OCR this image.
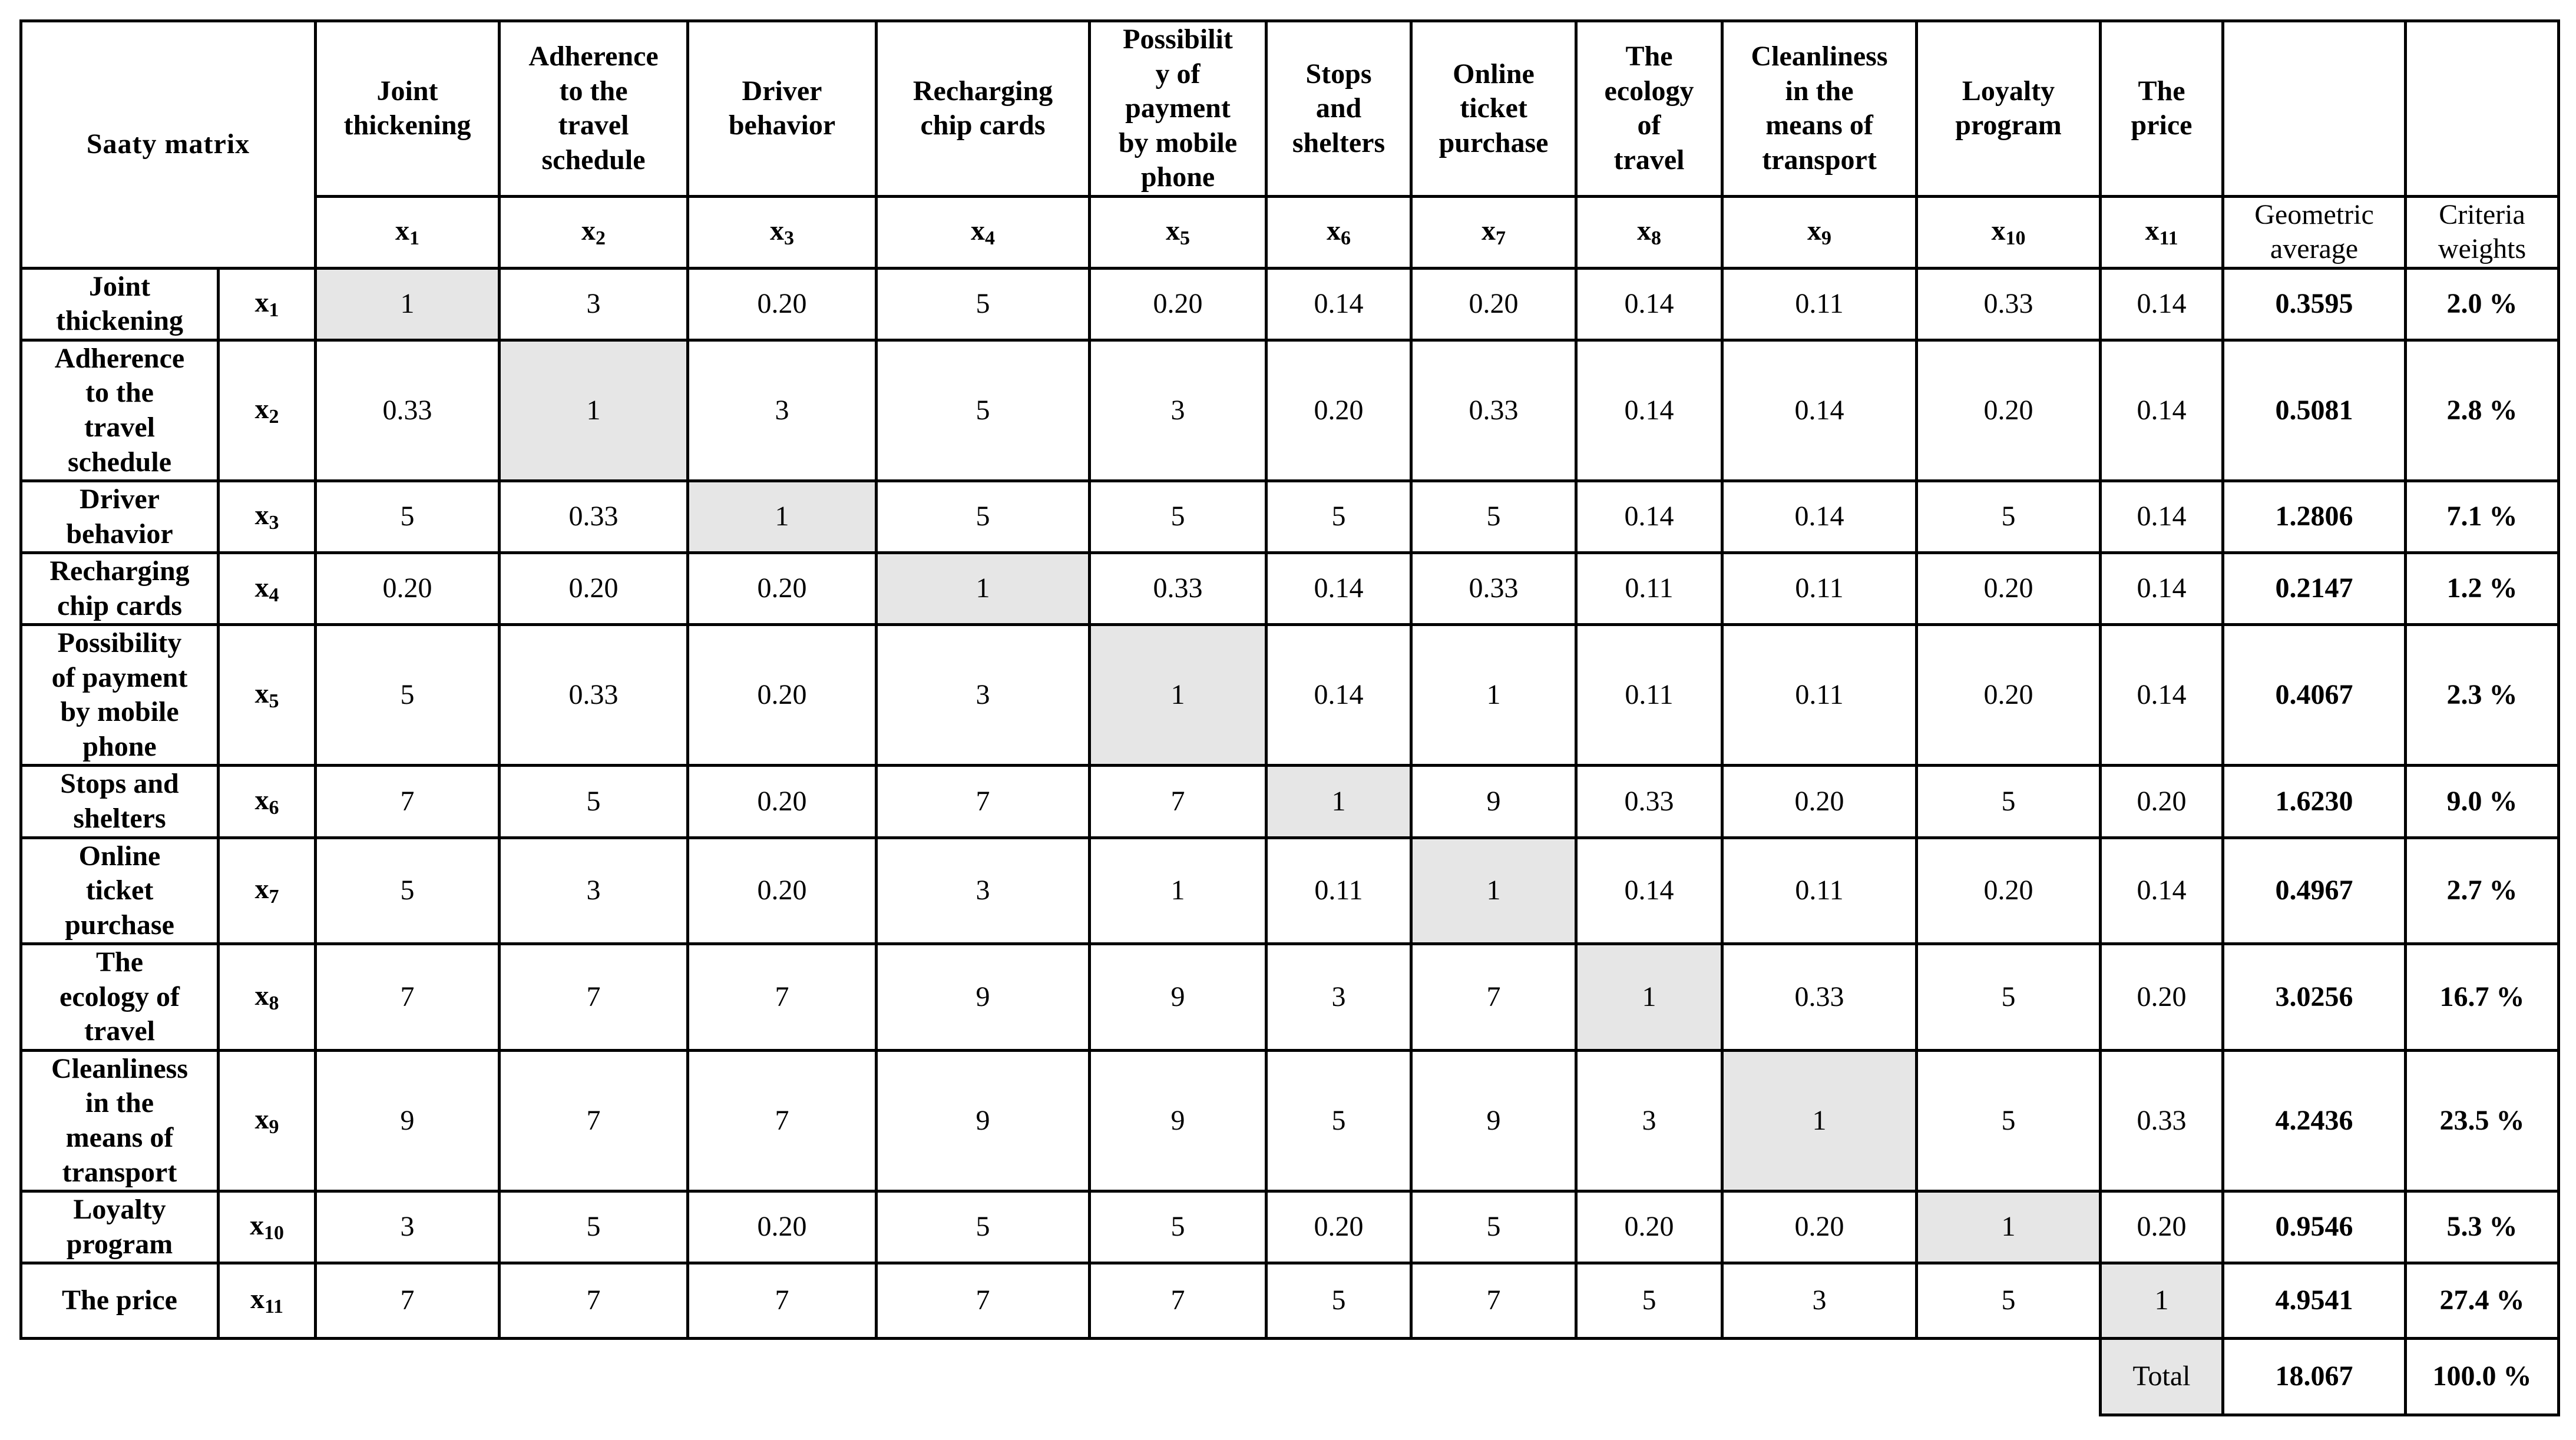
Saaty matrix		Joint
thickening	Adherence
to the
travel
schedule	Driver
behavior	Recharging
chip cards	Possibilit
y of
payment
by mobile
phone	Stops
and
shelters	Online
ticket
purchase	The
ecology
of
travel	Cleanliness
in the
means of
transport	Loyalty
program	The
price		
		$x_1$	$x_2$	$x_3$	$x_4$	$x_5$	$x_6$	$x_7$	$x_8$	$x_9$	$x_{10}$	$x_{11}$	Geometric average	Criteria weights
Joint
thickening	$x_1$	1	3	0.20	5	0.20	0.14	0.20	0.14	0.11	0.33	0.14	0.3595	2.0 %
Adherence
to the
travel
schedule	$x_2$	0.33	1	3	5	3	0.20	0.33	0.14	0.14	0.20	0.14	0.5081	2.8 %
Driver
behavior	$x_3$	5	0.33	1	5	5	5	5	0.14	0.14	5	0.14	1.2806	7.1 %
Recharging
chip cards	$x_4$	0.20	0.20	0.20	1	0.33	0.14	0.33	0.11	0.11	0.20	0.14	0.2147	1.2 %
Possibility
of payment
by mobile
phone	$x_5$	5	0.33	0.20	3	1	0.14	1	0.11	0.11	0.20	0.14	0.4067	2.3 %
Stops and
shelters	$x_6$	7	5	0.20	7	7	1	9	0.33	0.20	5	0.20	1.6230	9.0 %
Online
ticket
purchase	$x_7$	5	3	0.20	3	1	0.11	1	0.14	0.11	0.20	0.14	0.4967	2.7 %
The
ecology of
travel	$x_8$	7	7	7	9	9	3	7	1	0.33	5	0.20	3.0256	16.7 %
Cleanliness
in the
means of
transport	$x_9$	9	7	7	9	9	5	9	3	1	5	0.33	4.2436	23.5 %
Loyalty
program	$x_{10}$	3	5	0.20	5	5	0.20	5	0.20	0.20	1	0.20	0.9546	5.3 %
The price	$x_{11}$	7	7	7	7	7	5	7	5	3	5	1	4.9541	27.4 %
												Total	18.067	100.0 %
